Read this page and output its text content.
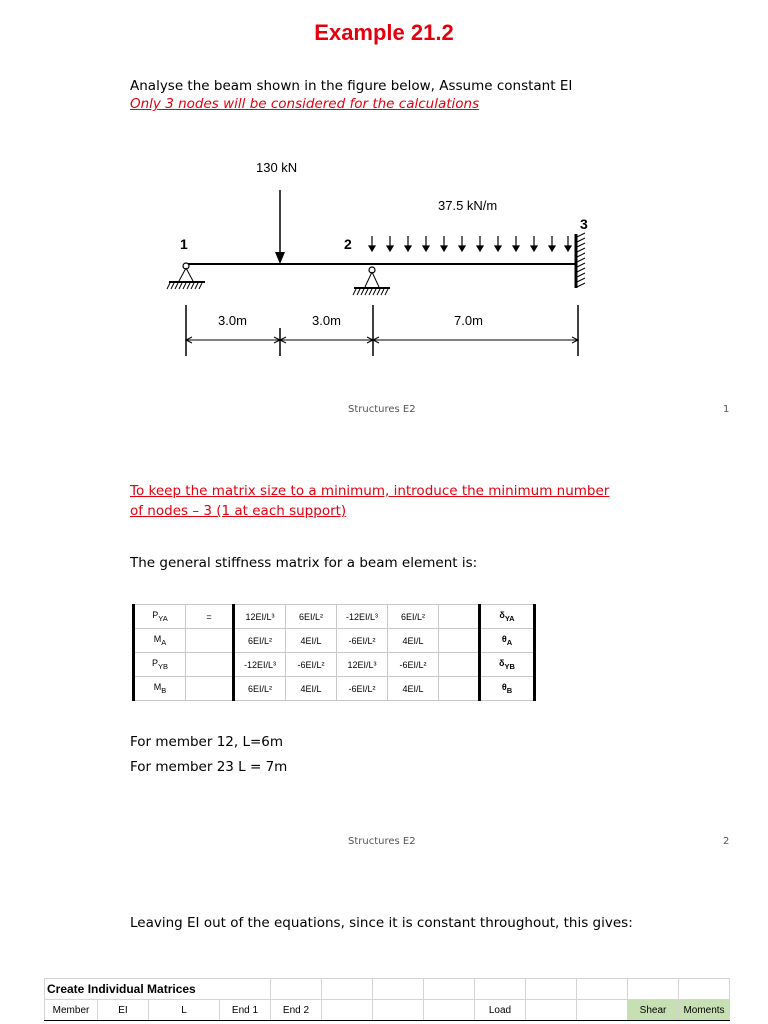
Example 21.2
Analyse the beam shown in the figure below, Assume constant EI
Only 3 nodes will be considered for the calculations
130 kN
37.5 kN/m
1	2
3
3.0m	3.0m	7.0m
Structures E2	1
To keep the matrix size to a minimum, introduce the minimum number
of nodes – 3 (1 at each support)
The general stiffness matrix for a beam element is:
$P_{YA}$	=	12EI/L³	6EI/L²	-12EI/L³	6EI/L²		$\delta_{YA}$
$M_A$		6EI/L²	4EI/L	-6EI/L²	4EI/L		$\theta_A$
$P_{YB}$		-12EI/L³	-6EI/L²	12EI/L³	-6EI/L²		$\delta_{YB}$
$M_B$		6EI/L²	4EI/L	-6EI/L²	4EI/L		$\theta_B$
For member 12, L=6m
For member 23 L = 7m
Structures E2	2
Leaving EI out of the equations, since it is constant throughout, this gives:
Create Individual Matrices												
Member	EI	L	End 1	End 2				Load			Shear	Moments
